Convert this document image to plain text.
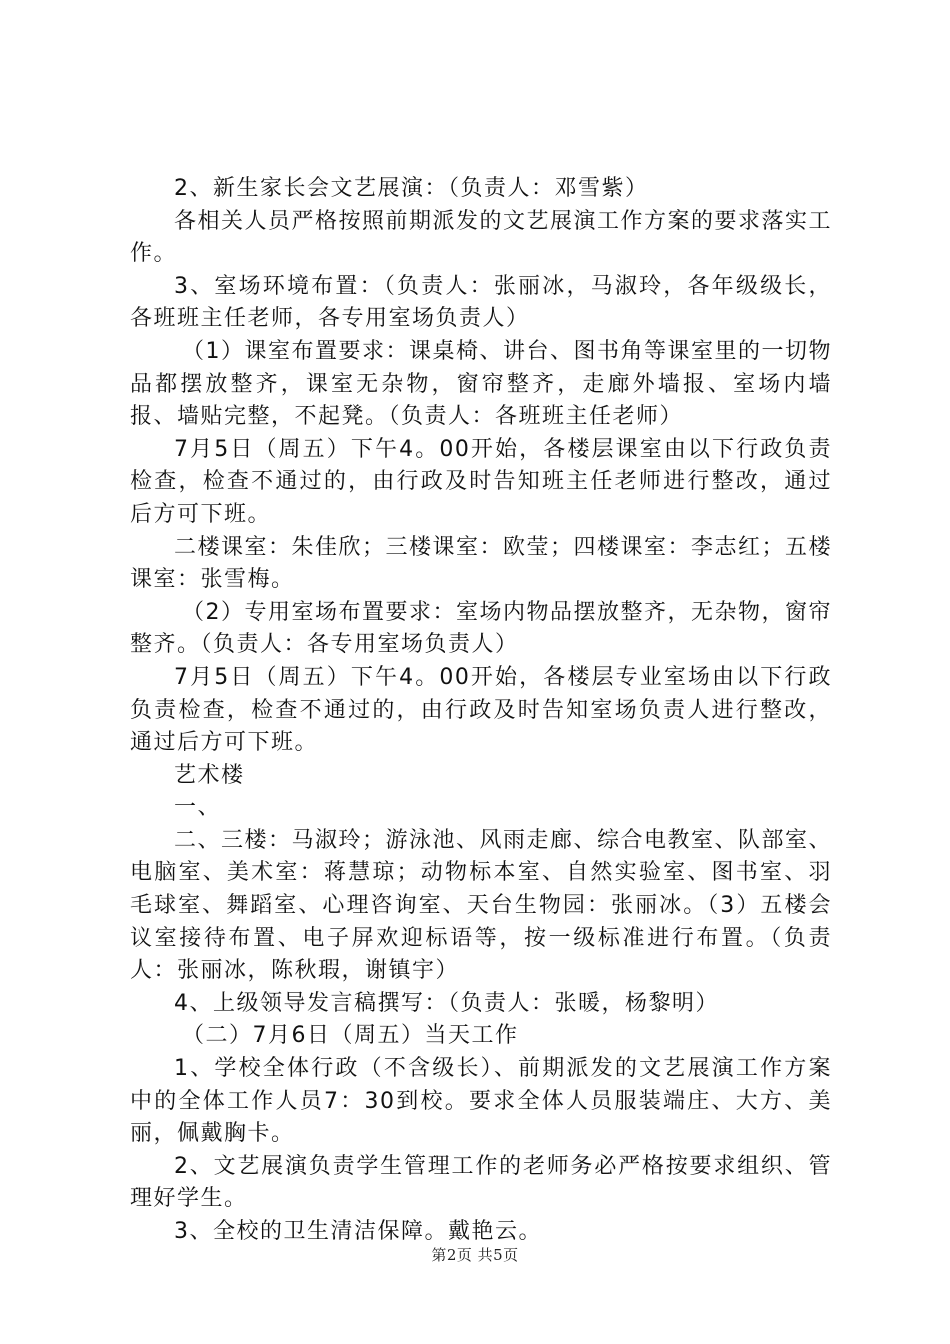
2、新生家长会文艺展演：（负责人：邓雪紫）

各相关人员严格按照前期派发的文艺展演工作方案的要求落实工作。

3、室场环境布置：（负责人：张丽冰，马淑玲，各年级级长，各班班主任老师，各专用室场负责人）

（1）课室布置要求：课桌椅、讲台、图书角等课室里的一切物品都摆放整齐，课室无杂物，窗帘整齐，走廊外墙报、室场内墙报、墙贴完整，不起凳。（负责人：各班班主任老师）

7月5日（周五）下午4。00开始，各楼层课室由以下行政负责检查，检查不通过的，由行政及时告知班主任老师进行整改，通过后方可下班。

二楼课室：朱佳欣；三楼课室：欧莹；四楼课室：李志红；五楼课室：张雪梅。

（2）专用室场布置要求：室场内物品摆放整齐，无杂物，窗帘整齐。（负责人：各专用室场负责人）

7月5日（周五）下午4。00开始，各楼层专业室场由以下行政负责检查，检查不通过的，由行政及时告知室场负责人进行整改，通过后方可下班。

艺术楼

一、

二、三楼：马淑玲；游泳池、风雨走廊、综合电教室、队部室、电脑室、美术室：蒋慧琼；动物标本室、自然实验室、图书室、羽毛球室、舞蹈室、心理咨询室、天台生物园：张丽冰。（3）五楼会议室接待布置、电子屏欢迎标语等，按一级标准进行布置。（负责人：张丽冰，陈秋瑕，谢镇宇）

4、上级领导发言稿撰写：（负责人：张暖，杨黎明）

（二）7月6日（周五）当天工作

1、学校全体行政（不含级长）、前期派发的文艺展演工作方案中的全体工作人员7：30到校。要求全体人员服装端庄、大方、美丽，佩戴胸卡。

2、文艺展演负责学生管理工作的老师务必严格按要求组织、管理好学生。

3、全校的卫生清洁保障。戴艳云。

第2页 共5页
